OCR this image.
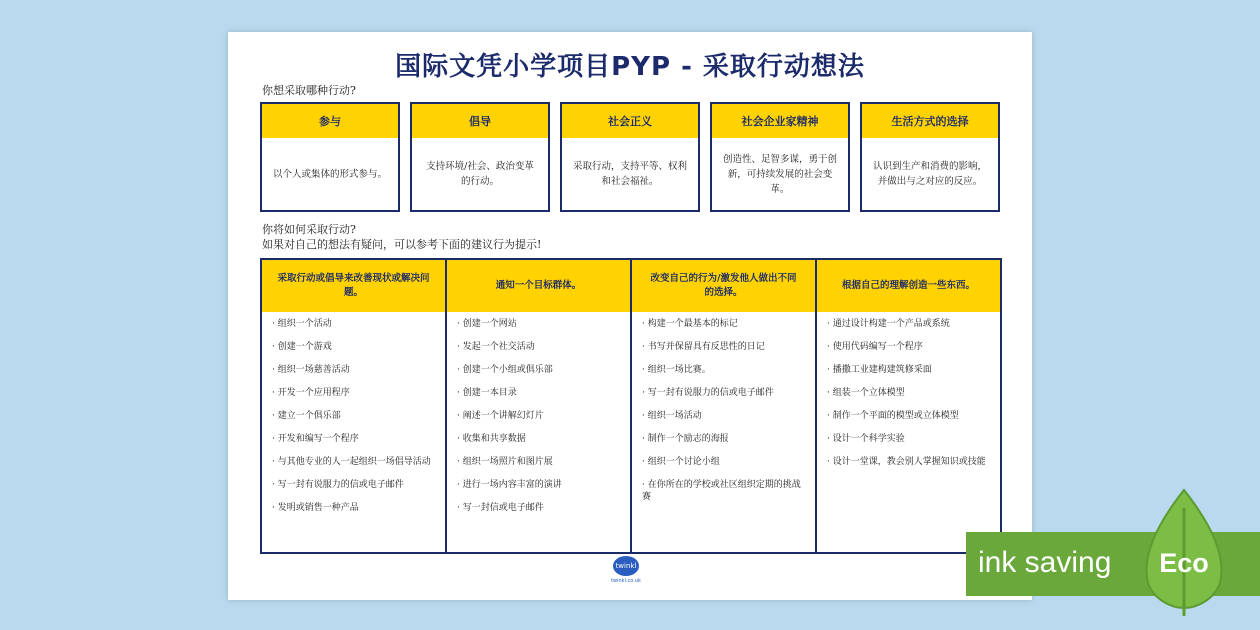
国际文凭小学项目PYP - 采取行动想法
你想采取哪种行动?
参与
以个人或集体的形式参与。
倡导
支持环境/社会、政治变革的行动。
社会正义
采取行动，支持平等、权利和社会福祉。
社会企业家精神
创造性、足智多谋，勇于创新，可持续发展的社会变革。
生活方式的选择
认识到生产和消费的影响，并做出与之对应的反应。
你将如何采取行动?
如果对自己的想法有疑问，可以参考下面的建议行为提示!
采取行动或倡导来改善现状或解决问题。
· 组织一个活动
· 创建一个游戏
· 组织一场慈善活动
· 开发一个应用程序
· 建立一个俱乐部
· 开发和编写一个程序
· 与其他专业的人一起组织一场倡导活动
· 写一封有说服力的信或电子邮件
· 发明或销售一种产品
通知一个目标群体。
· 创建一个网站
· 发起一个社交活动
· 创建一个小组或俱乐部
· 创建一本目录
· 阐述一个讲解幻灯片
· 收集和共享数据
· 组织一场照片和图片展
· 进行一场内容丰富的演讲
· 写一封信或电子邮件
改变自己的行为/激发他人做出不同的选择。
· 构建一个最基本的标记
· 书写并保留具有反思性的日记
· 组织一场比赛。
· 写一封有说服力的信或电子邮件
· 组织一场活动
· 制作一个励志的海报
· 组织一个讨论小组
· 在你所在的学校或社区组织定期的挑战赛
根据自己的理解创造一些东西。
· 通过设计构建一个产品或系统
· 使用代码编写一个程序
· 播撒工业建构建筑修采面
· 组装一个立体模型
· 制作一个平面的模型或立体模型
· 设计一个科学实验
· 设计一堂课，教会别人掌握知识或技能
twinkl
twinkl.co.uk
ink saving	Eco
